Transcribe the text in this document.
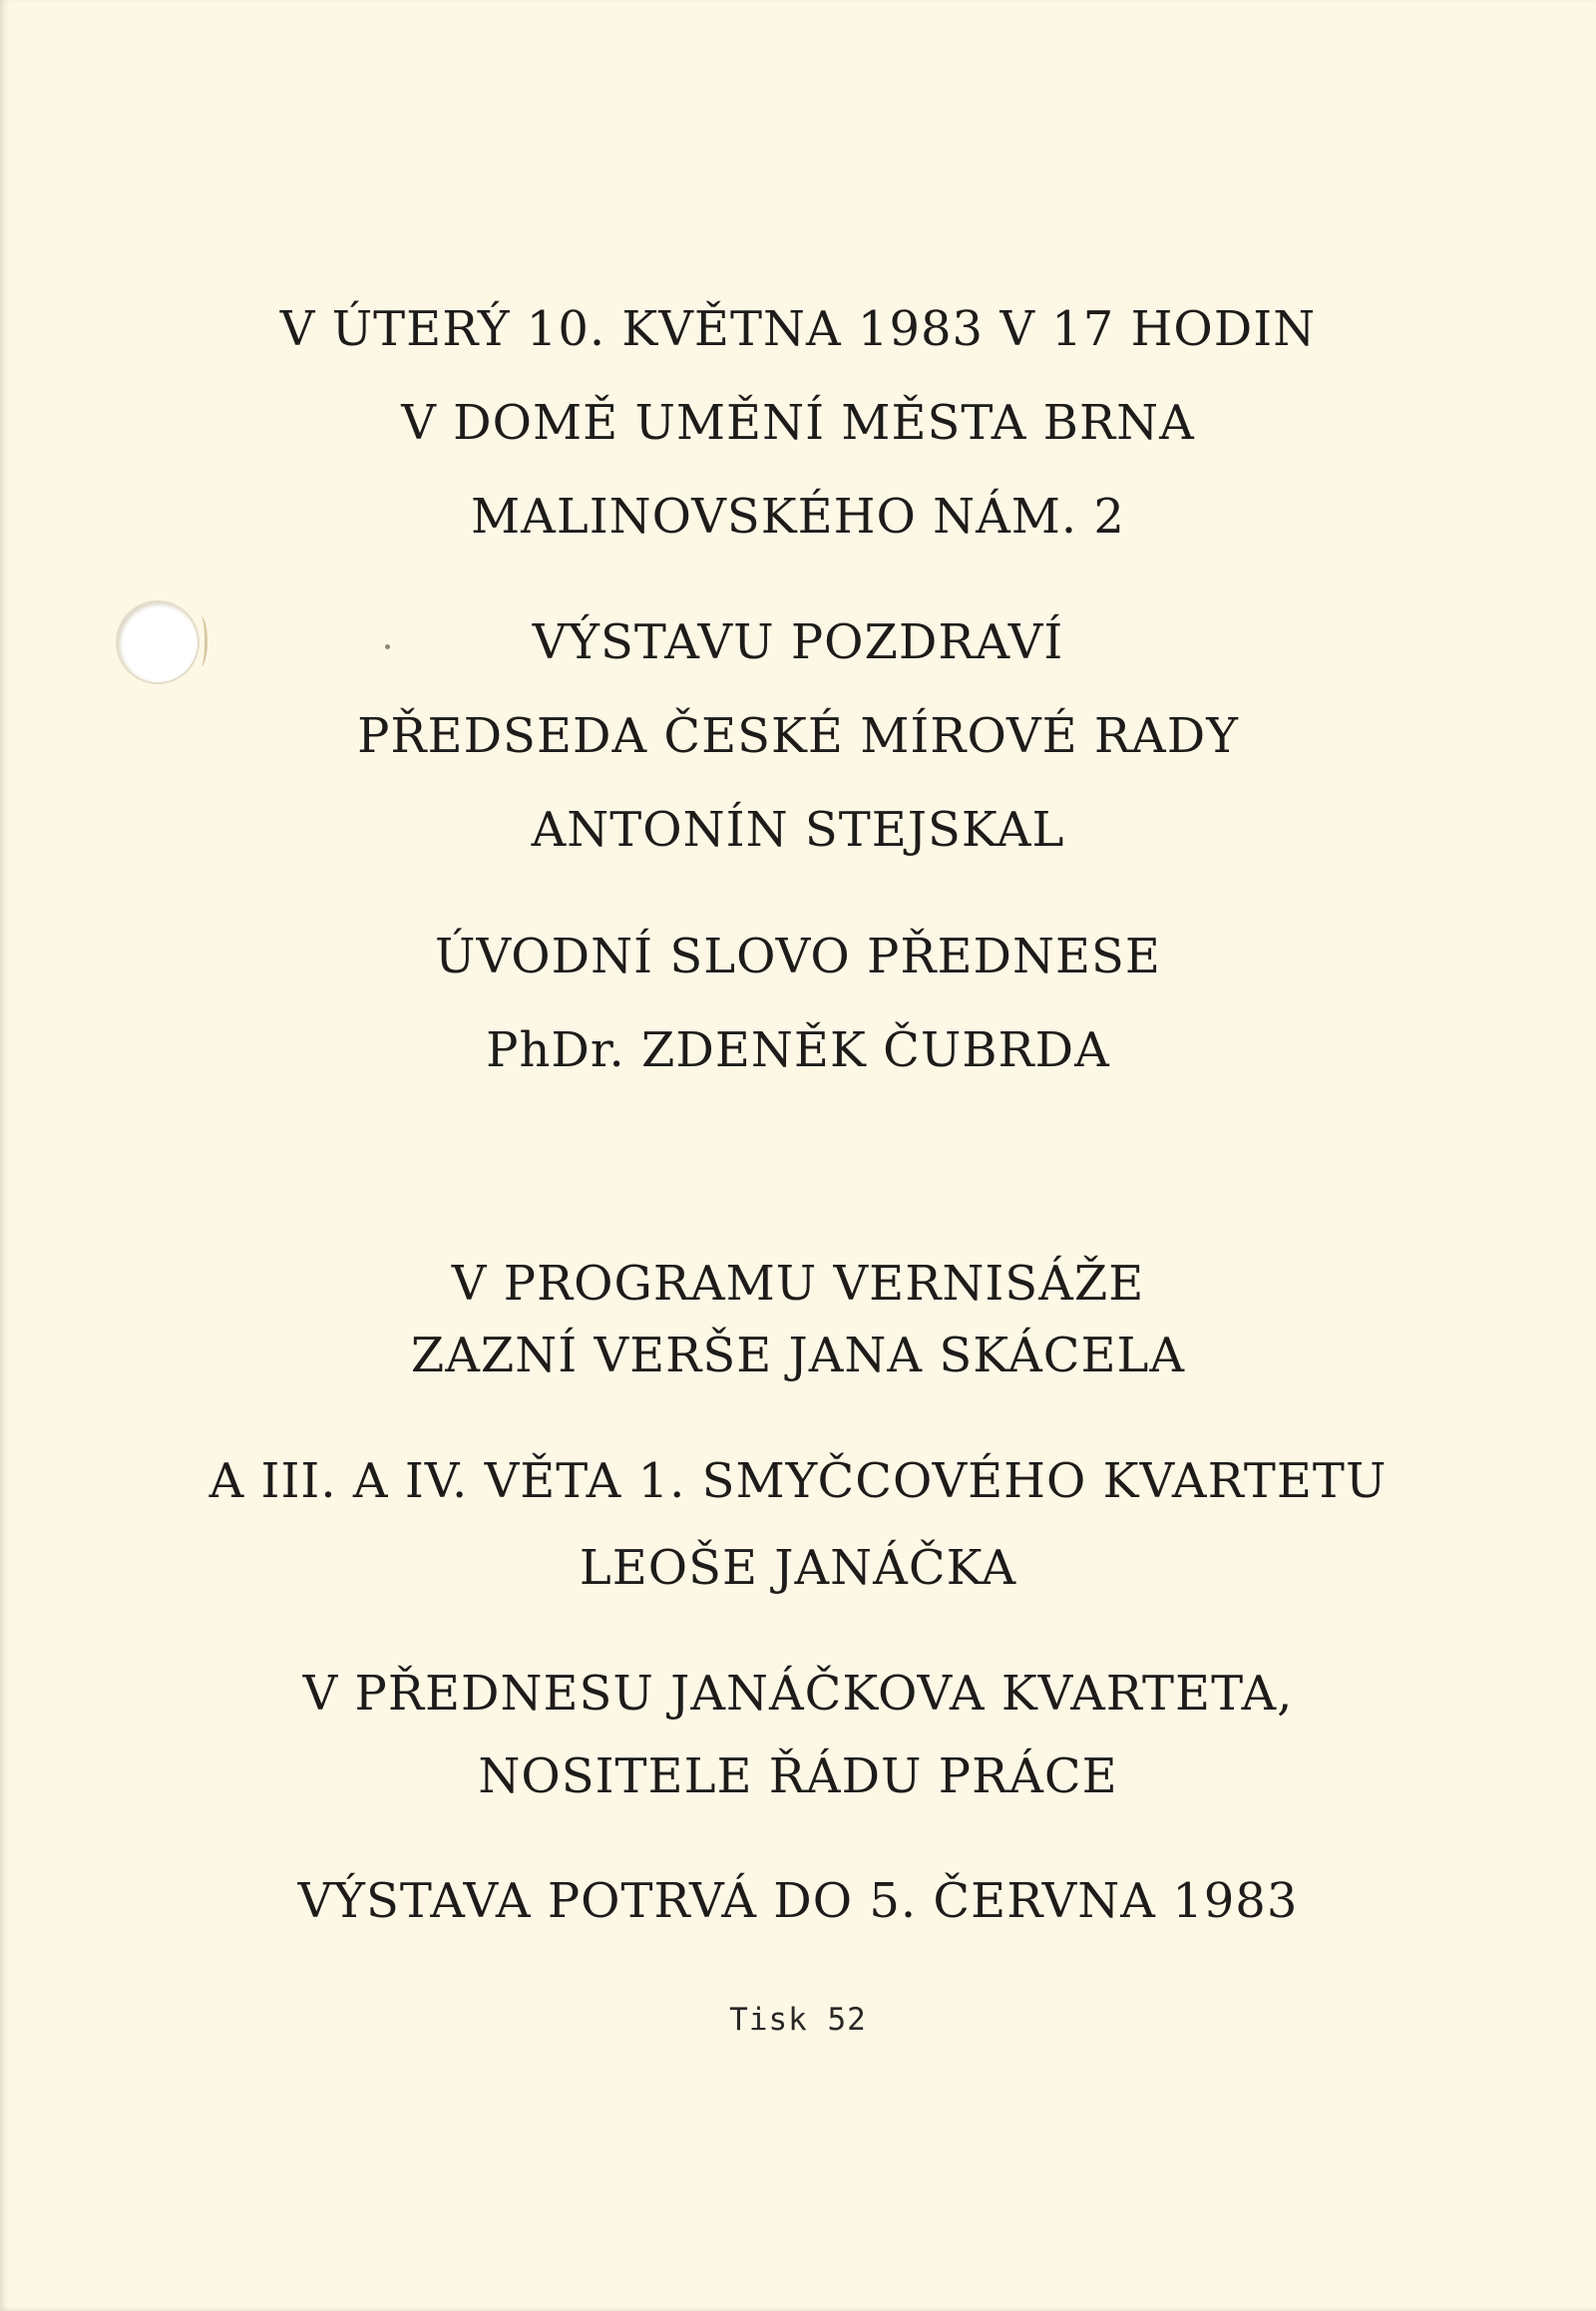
V ÚTERÝ 10. KVĚTNA 1983 V 17 HODIN
V DOMĚ UMĚNÍ MĚSTA BRNA
MALINOVSKÉHO NÁM. 2
VÝSTAVU POZDRAVÍ
PŘEDSEDA ČESKÉ MÍROVÉ RADY
ANTONÍN STEJSKAL
ÚVODNÍ SLOVO PŘEDNESE
PhDr. ZDENĚK ČUBRDA
V PROGRAMU VERNISÁŽE
ZAZNÍ VERŠE JANA SKÁCELA
A III. A IV. VĚTA 1. SMYČCOVÉHO KVARTETU
LEOŠE JANÁČKA
V PŘEDNESU JANÁČKOVA KVARTETA,
NOSITELE ŘÁDU PRÁCE
VÝSTAVA POTRVÁ DO 5. ČERVNA 1983
Tisk 52
